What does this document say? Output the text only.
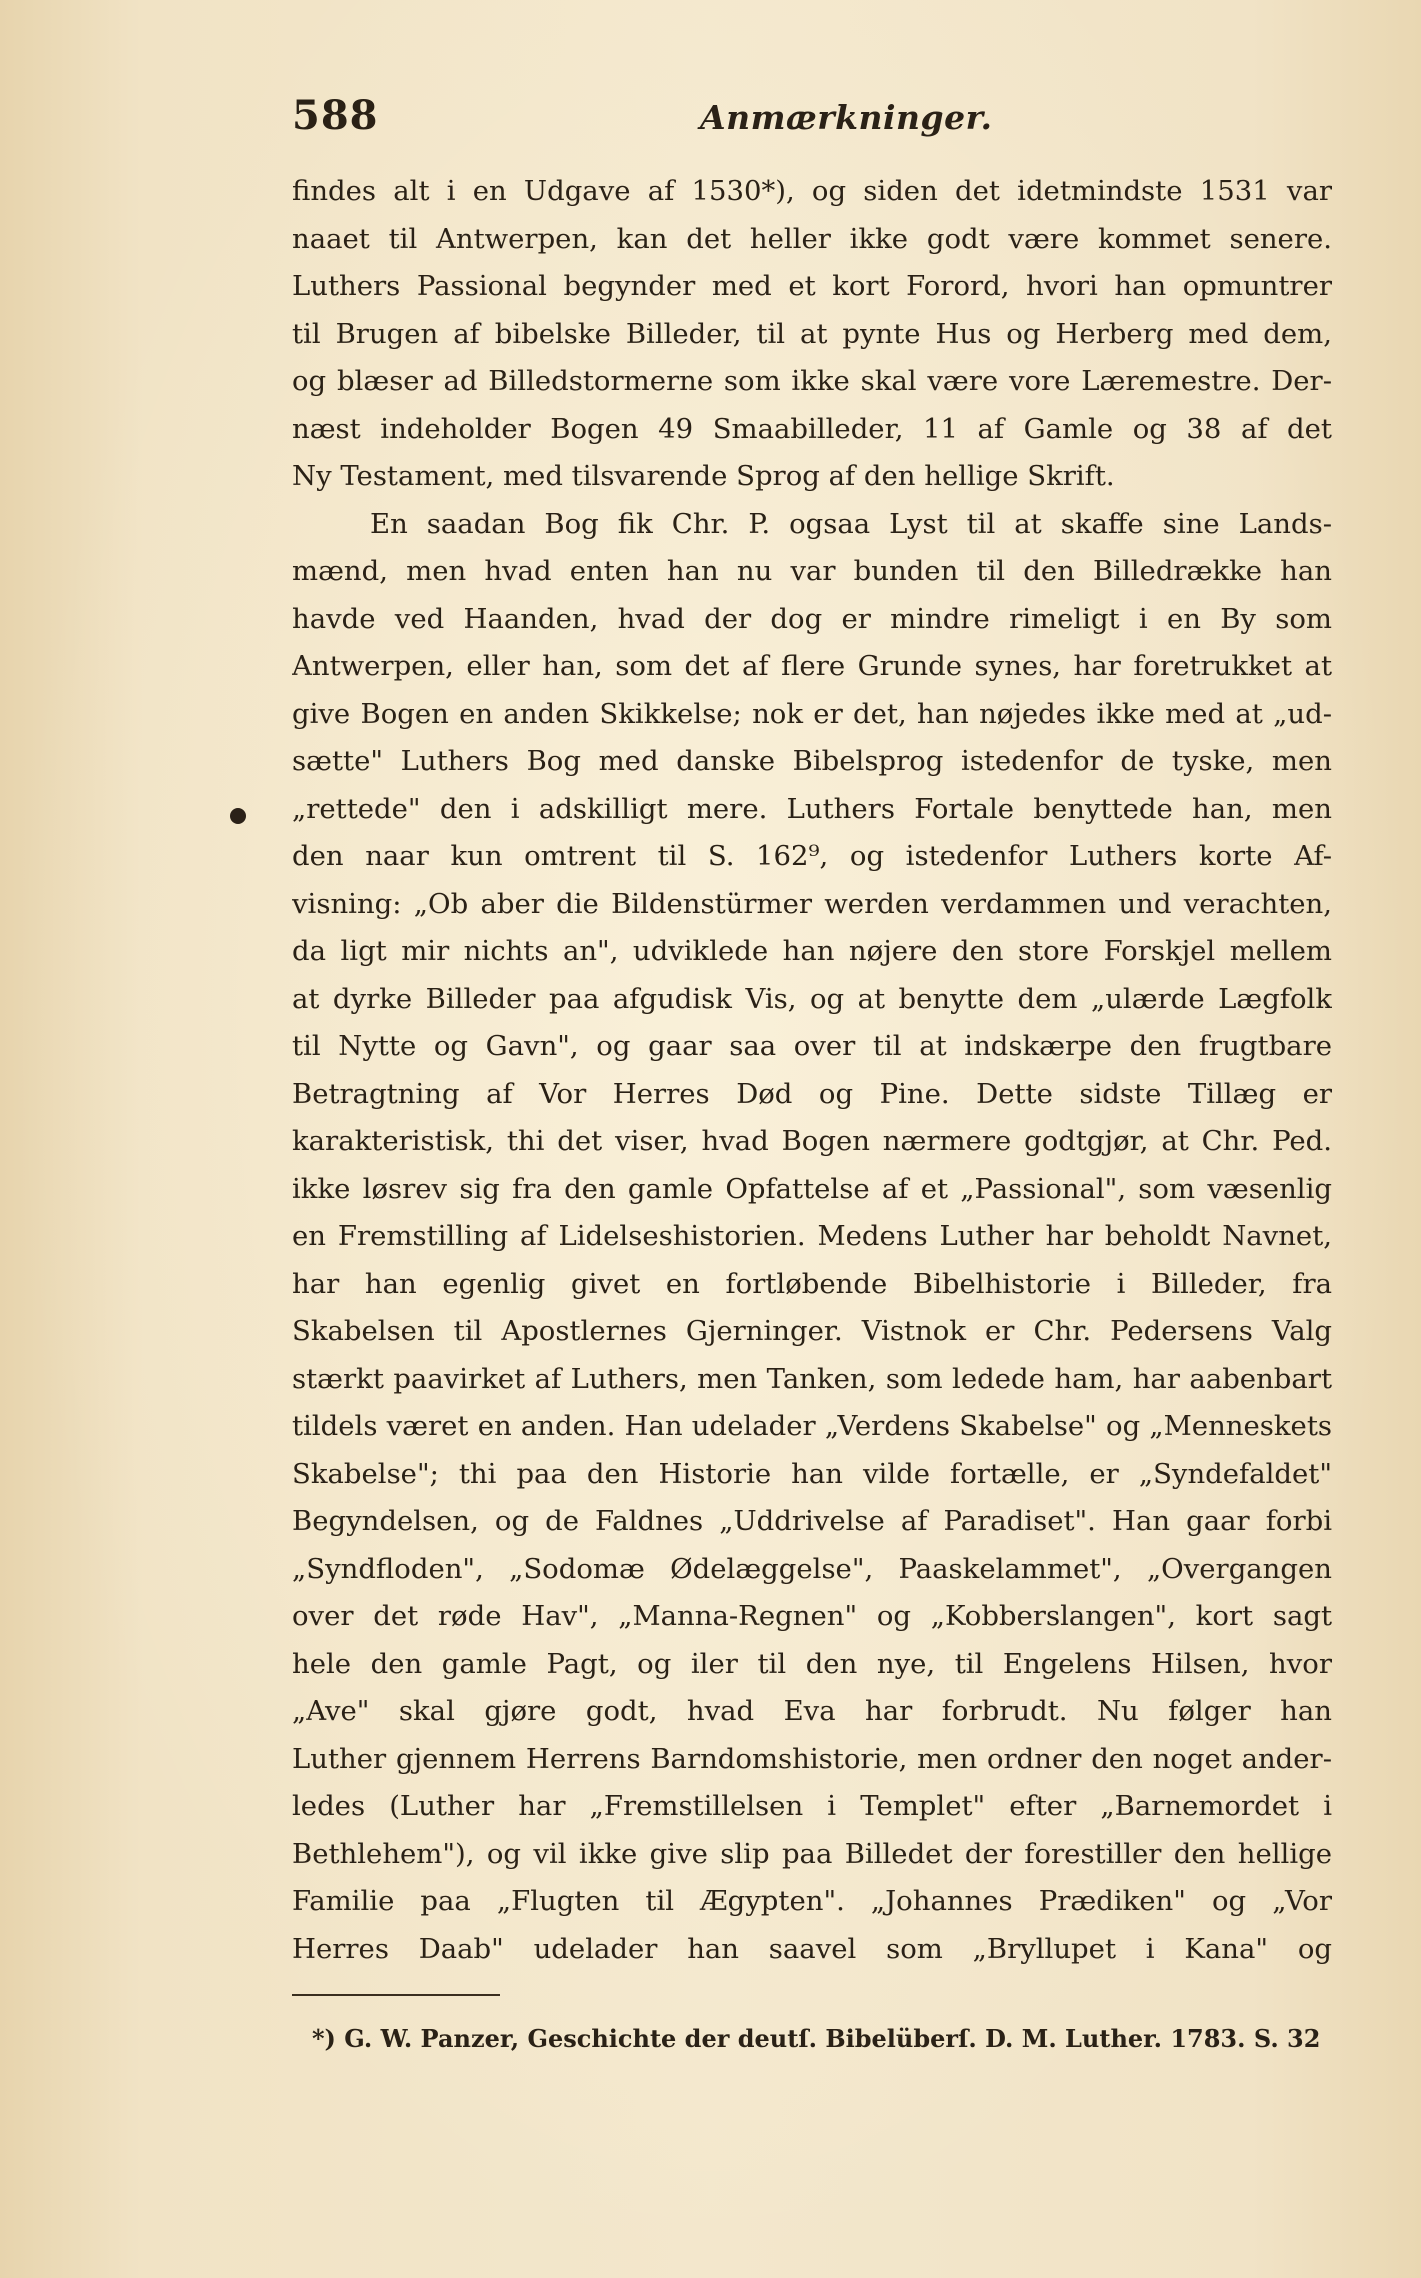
588	Anmærkninger.
findes alt i en Udgave af 1530*), og siden det idetmindste 1531 var
naaet til Antwerpen, kan det heller ikke godt være kommet senere.
Luthers Passional begynder med et kort Forord, hvori han opmuntrer
til Brugen af bibelske Billeder, til at pynte Hus og Herberg med dem,
og blæser ad Billedstormerne som ikke skal være vore Læremestre. Der-
næst indeholder Bogen 49 Smaabilleder, 11 af Gamle og 38 af det
Ny Testament, med tilsvarende Sprog af den hellige Skrift.
En saadan Bog fik Chr. P. ogsaa Lyst til at skaffe sine Lands-
mænd, men hvad enten han nu var bunden til den Billedrække han
havde ved Haanden, hvad der dog er mindre rimeligt i en By som
Antwerpen, eller han, som det af flere Grunde synes, har foretrukket at
give Bogen en anden Skikkelse; nok er det, han nøjedes ikke med at „ud-
sætte" Luthers Bog med danske Bibelsprog istedenfor de tyske, men
„rettede" den i adskilligt mere. Luthers Fortale benyttede han, men
den naar kun omtrent til S. 162⁹, og istedenfor Luthers korte Af-
visning: „Ob aber die Bildenstürmer werden verdammen und verachten,
da ligt mir nichts an", udviklede han nøjere den store Forskjel mellem
at dyrke Billeder paa afgudisk Vis, og at benytte dem „ulærde Lægfolk
til Nytte og Gavn", og gaar saa over til at indskærpe den frugtbare
Betragtning af Vor Herres Død og Pine. Dette sidste Tillæg er
karakteristisk, thi det viser, hvad Bogen nærmere godtgjør, at Chr. Ped.
ikke løsrev sig fra den gamle Opfattelse af et „Passional", som væsenlig
en Fremstilling af Lidelseshistorien. Medens Luther har beholdt Navnet,
har han egenlig givet en fortløbende Bibelhistorie i Billeder, fra
Skabelsen til Apostlernes Gjerninger. Vistnok er Chr. Pedersens Valg
stærkt paavirket af Luthers, men Tanken, som ledede ham, har aabenbart
tildels været en anden. Han udelader „Verdens Skabelse" og „Menneskets
Skabelse"; thi paa den Historie han vilde fortælle, er „Syndefaldet"
Begyndelsen, og de Faldnes „Uddrivelse af Paradiset". Han gaar forbi
„Syndfloden", „Sodomæ Ødelæggelse", Paaskelammet", „Overgangen
over det røde Hav", „Manna-Regnen" og „Kobberslangen", kort sagt
hele den gamle Pagt, og iler til den nye, til Engelens Hilsen, hvor
„Ave" skal gjøre godt, hvad Eva har forbrudt. Nu følger han
Luther gjennem Herrens Barndomshistorie, men ordner den noget ander-
ledes (Luther har „Fremstillelsen i Templet" efter „Barnemordet i
Bethlehem"), og vil ikke give slip paa Billedet der forestiller den hellige
Familie paa „Flugten til Ægypten". „Johannes Prædiken" og „Vor
Herres Daab" udelader han saavel som „Bryllupet i Kana" og
*) G. W. Panzer, Geschichte der deutſ. Bibelüberſ. D. M. Luther. 1783. S. 32
